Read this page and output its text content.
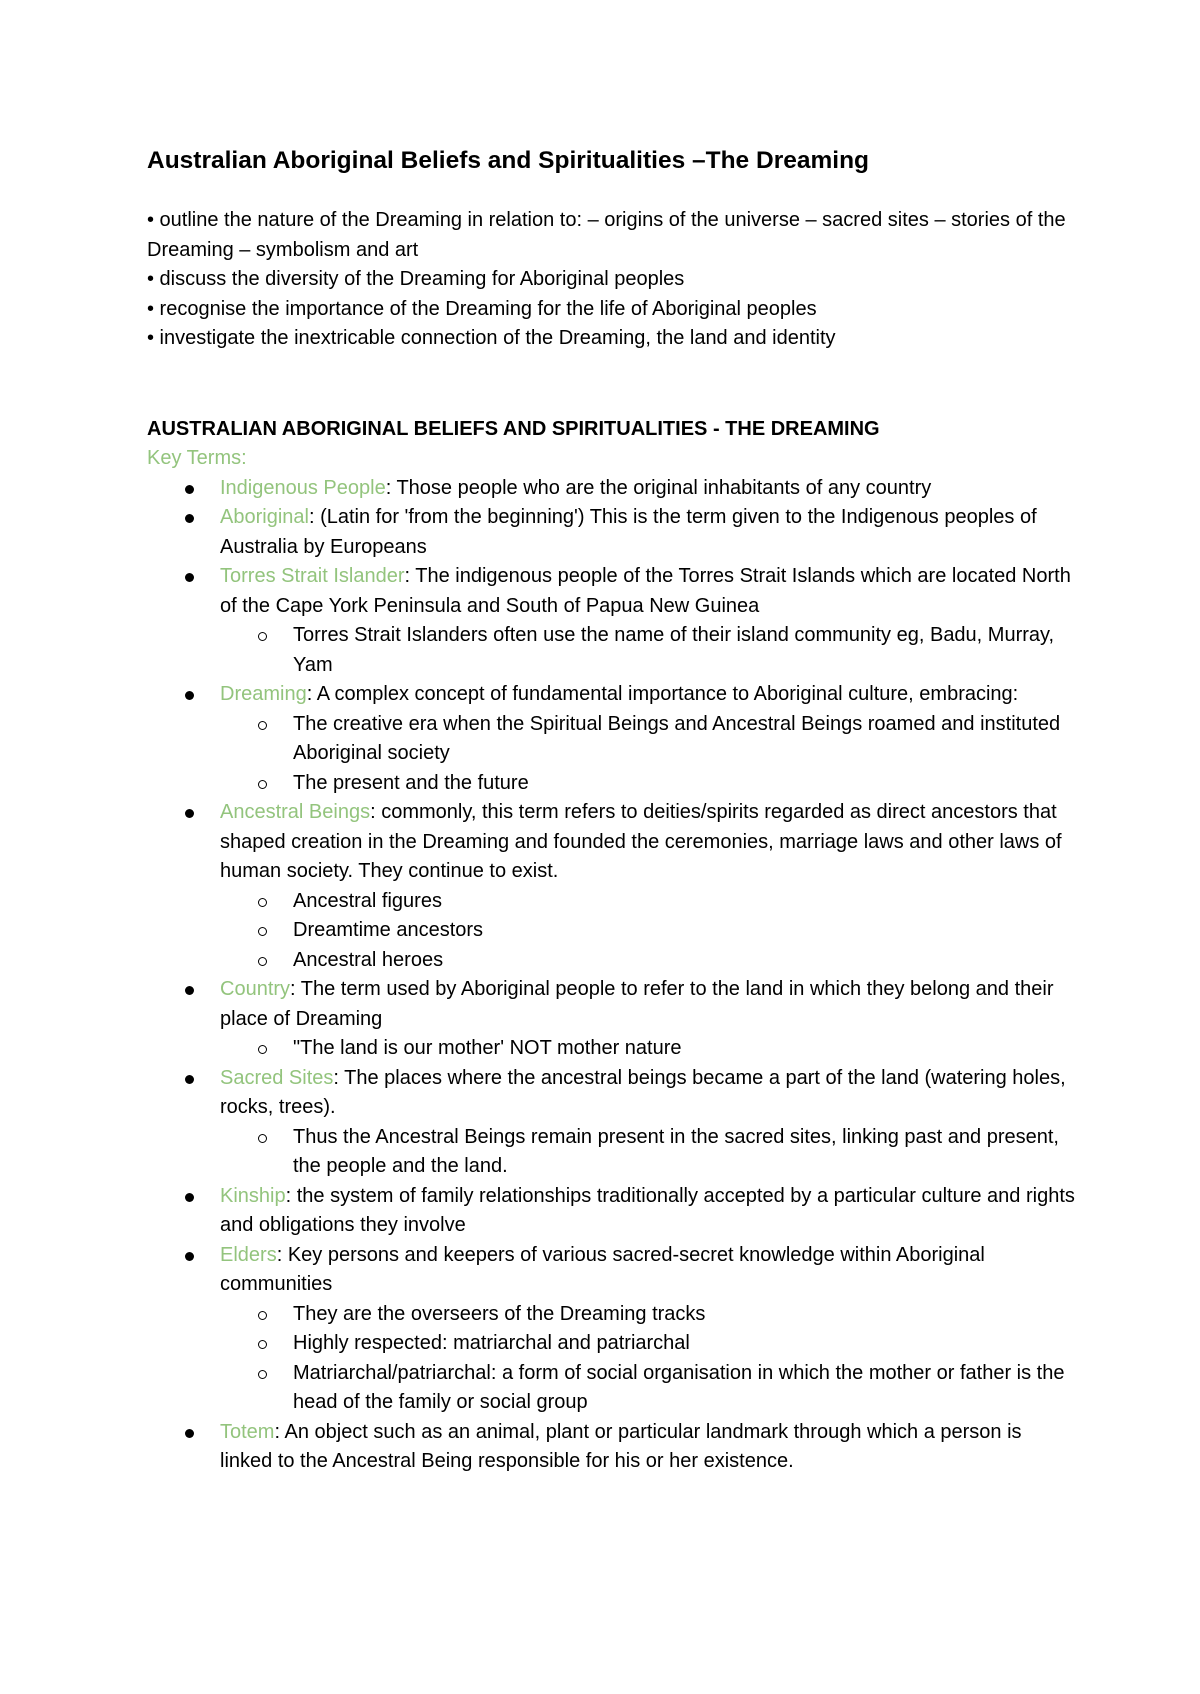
Australian Aboriginal Beliefs and Spiritualities –The Dreaming

• outline the nature of the Dreaming in relation to: – origins of the universe – sacred sites – stories of the Dreaming – symbolism and art

• discuss the diversity of the Dreaming for Aboriginal peoples

• recognise the importance of the Dreaming for the life of Aboriginal peoples

• investigate the inextricable connection of the Dreaming, the land and identity

AUSTRALIAN ABORIGINAL BELIEFS AND SPIRITUALITIES - THE DREAMING

Key Terms:

Indigenous People: Those people who are the original inhabitants of any country
Aboriginal: (Latin for 'from the beginning') This is the term given to the Indigenous peoples of Australia by Europeans
Torres Strait Islander: The indigenous people of the Torres Strait Islands which are located North of the Cape York Peninsula and South of Papua New Guinea
Torres Strait Islanders often use the name of their island community eg, Badu, Murray, Yam
Dreaming: A complex concept of fundamental importance to Aboriginal culture, embracing:
The creative era when the Spiritual Beings and Ancestral Beings roamed and instituted Aboriginal society
The present and the future
Ancestral Beings: commonly, this term refers to deities/spirits regarded as direct ancestors that shaped creation in the Dreaming and founded the ceremonies, marriage laws and other laws of human society. They continue to exist.
Ancestral figures
Dreamtime ancestors
Ancestral heroes
Country: The term used by Aboriginal people to refer to the land in which they belong and their place of Dreaming
"The land is our mother' NOT mother nature
Sacred Sites: The places where the ancestral beings became a part of the land (watering holes, rocks, trees).
Thus the Ancestral Beings remain present in the sacred sites, linking past and present, the people and the land.
Kinship: the system of family relationships traditionally accepted by a particular culture and rights and obligations they involve
Elders: Key persons and keepers of various sacred-secret knowledge within Aboriginal communities
They are the overseers of the Dreaming tracks
Highly respected: matriarchal and patriarchal
Matriarchal/patriarchal: a form of social organisation in which the mother or father is the head of the family or social group
Totem: An object such as an animal, plant or particular landmark through which a person is linked to the Ancestral Being responsible for his or her existence.
